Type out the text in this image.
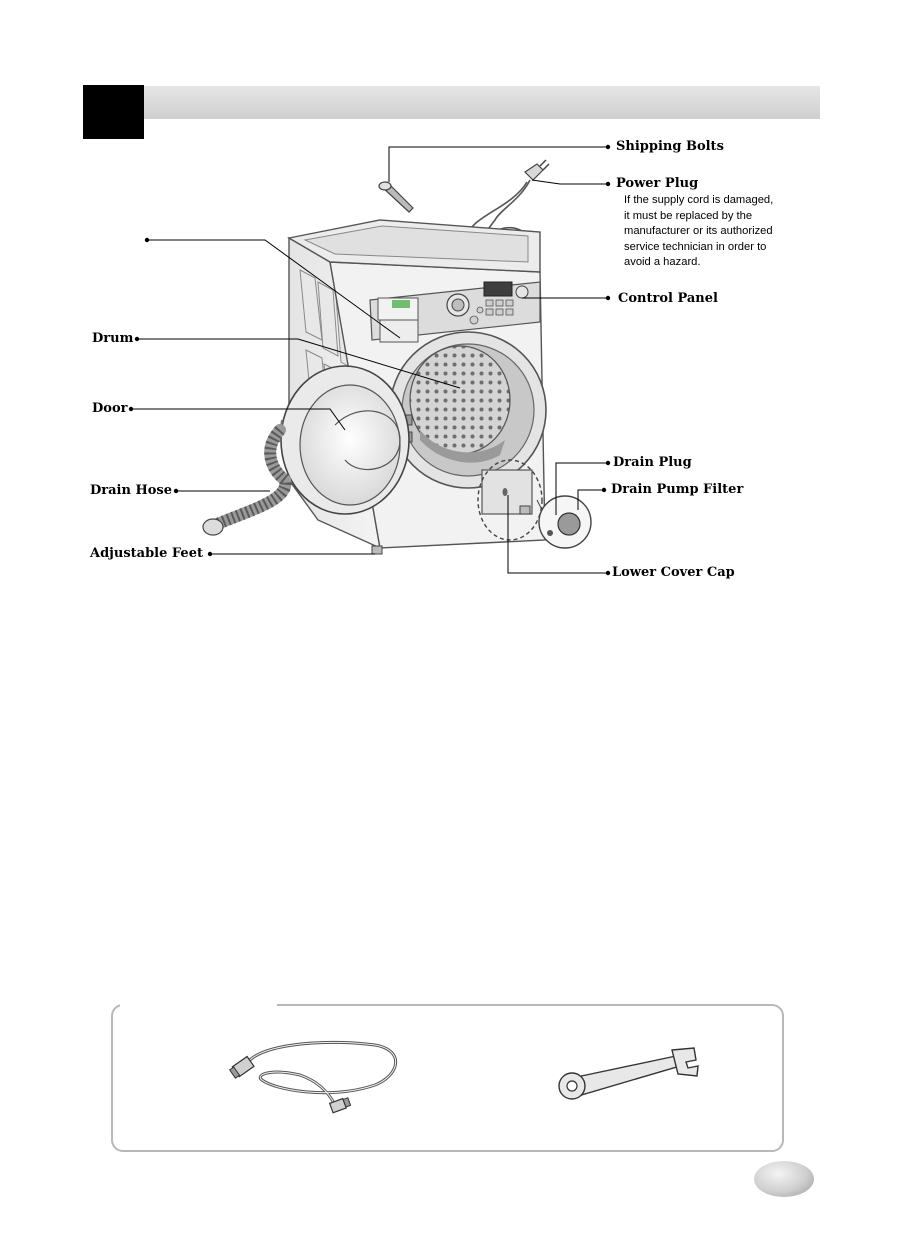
Shipping Bolts
Power Plug
If the supply cord is damaged,
it must be replaced by the
manufacturer or its authorized
service technician in order to
avoid a hazard.
Control Panel
Drum
Door
Drain Hose
Adjustable Feet
Drain Plug
Drain Pump Filter
Lower Cover Cap
